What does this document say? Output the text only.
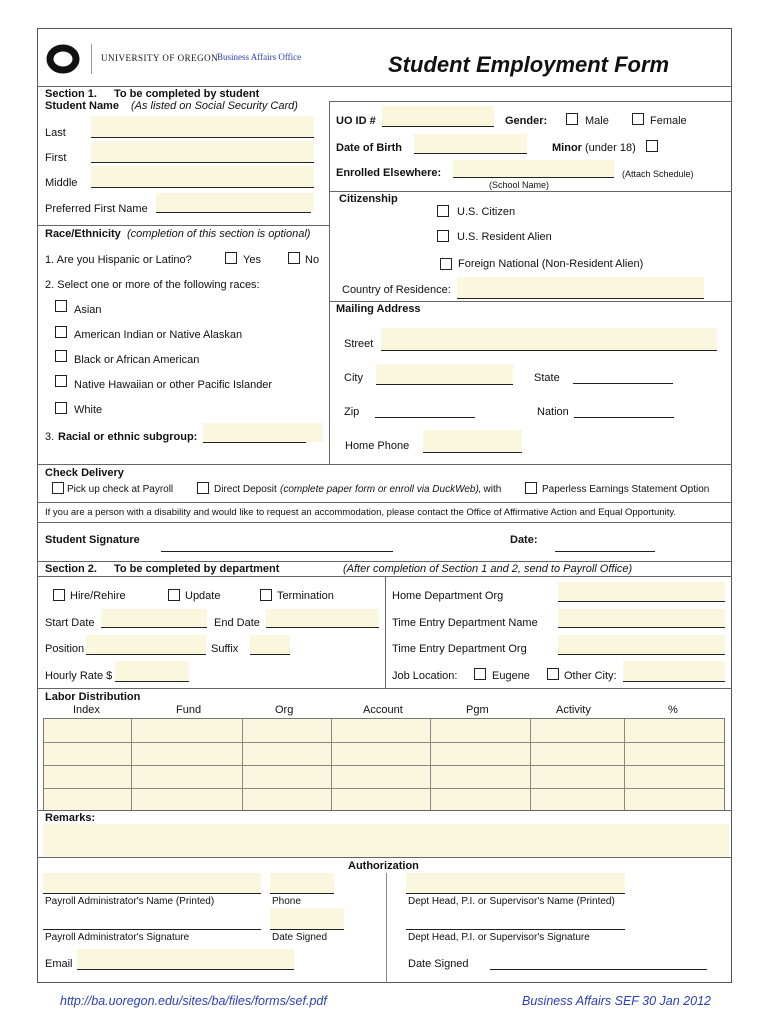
UNIVERSITY OF OREGON
Business Affairs Office	Student Employment Form
Section 1. To be completed by student
Student Name (As listed on Social Security Card)
Last
First
Middle
Preferred First Name
UO ID #	Gender:	Male	Female
Date of Birth	Minor (under 18)
Enrolled Elsewhere:	(Attach Schedule)
(School Name)
Citizenship
U.S. Citizen
U.S. Resident Alien
Foreign National (Non-Resident Alien)
Country of Residence:
Mailing Address
Street
City	State
Zip	Nation
Home Phone
Race/Ethnicity (completion of this section is optional)
1. Are you Hispanic or Latino?	Yes	No
2. Select one or more of the following races:
Asian
American Indian or Native Alaskan
Black or African American
Native Hawaiian or other Pacific Islander
White
3. Racial or ethnic subgroup:
Check Delivery
Pick up check at Payroll	Direct Deposit (complete paper form or enroll via DuckWeb) , with	Paperless Earnings Statement Option
If you are a person with a disability and would like to request an accommodation, please contact the Office of Affirmative Action and Equal Opportunity.
Student Signature	Date:
Section 2. To be completed by department	(After completion of Section 1 and 2, send to Payroll Office)
Hire/Rehire	Update	Termination	Home Department Org
Start Date	End Date	Time Entry Department Name
Position	Suffix	Time Entry Department Org
Hourly Rate $	Job Location:	Eugene	Other City:
Labor Distribution
Index	Fund	Org	Account	Pgm	Activity	%
Remarks:
Authorization
Payroll Administrator's Name (Printed)	Phone	Dept Head, P.I. or Supervisor's Name (Printed)
Payroll Administrator's Signature	Date Signed	Dept Head, P.I. or Supervisor's Signature
Email	Date Signed
http://ba.uoregon.edu/sites/ba/files/forms/sef.pdf	Business Affairs SEF 30 Jan 2012
